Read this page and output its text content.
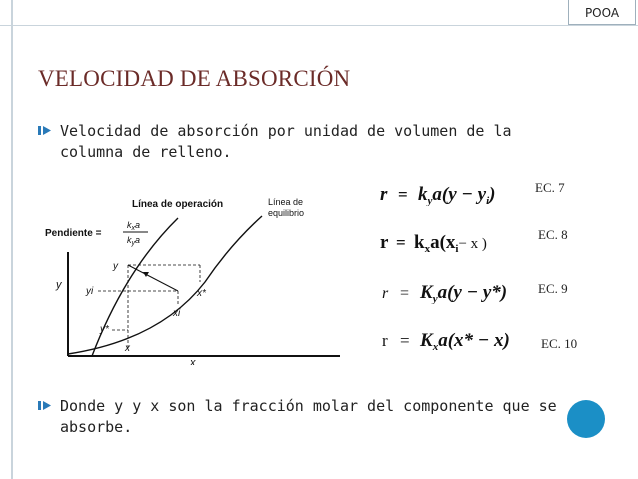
POOA
VELOCIDAD DE ABSORCIÓN
Velocidad de absorción por unidad de volumen de la columna de relleno.
Donde y y x son la fracción molar del componente que se absorbe.
Línea de operación	Línea de
equilibrio
Pendiente =
$k_xa$
$k_ya$
y
x
y
yi
y*
x
xi
x*
$r = k_ya(y - y_i)$
$r = k_xa(x_i^{- x )}$
$r = K_ya(y - y*)$
$r = K_xa(x* - x)$
EC. 7
EC. 8
EC. 9
EC. 10
